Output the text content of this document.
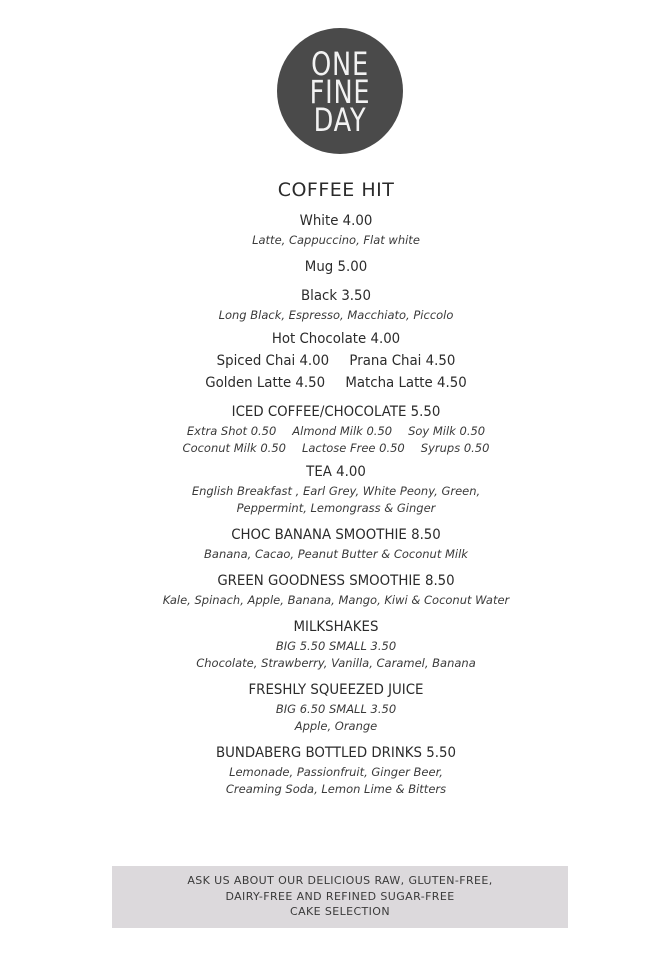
ONE
FINE
DAY
COFFEE HIT
White 4.00
Latte, Cappuccino, Flat white
Mug 5.00
Black 3.50
Long Black, Espresso, Macchiato, Piccolo
Hot Chocolate 4.00
Spiced Chai 4.00 Prana Chai 4.50
Golden Latte 4.50 Matcha Latte 4.50
ICED COFFEE/CHOCOLATE 5.50
Extra Shot 0.50 Almond Milk 0.50 Soy Milk 0.50
Coconut Milk 0.50 Lactose Free 0.50 Syrups 0.50
TEA 4.00
English Breakfast , Earl Grey, White Peony, Green,
Peppermint, Lemongrass & Ginger
CHOC BANANA SMOOTHIE 8.50
Banana, Cacao, Peanut Butter & Coconut Milk
GREEN GOODNESS SMOOTHIE 8.50
Kale, Spinach, Apple, Banana, Mango, Kiwi & Coconut Water
MILKSHAKES
BIG 5.50 SMALL 3.50
Chocolate, Strawberry, Vanilla, Caramel, Banana
FRESHLY SQUEEZED JUICE
BIG 6.50 SMALL 3.50
Apple, Orange
BUNDABERG BOTTLED DRINKS 5.50
Lemonade, Passionfruit, Ginger Beer,
Creaming Soda, Lemon Lime & Bitters
ASK US ABOUT OUR DELICIOUS RAW, GLUTEN-FREE,
DAIRY-FREE AND REFINED SUGAR-FREE
CAKE SELECTION
